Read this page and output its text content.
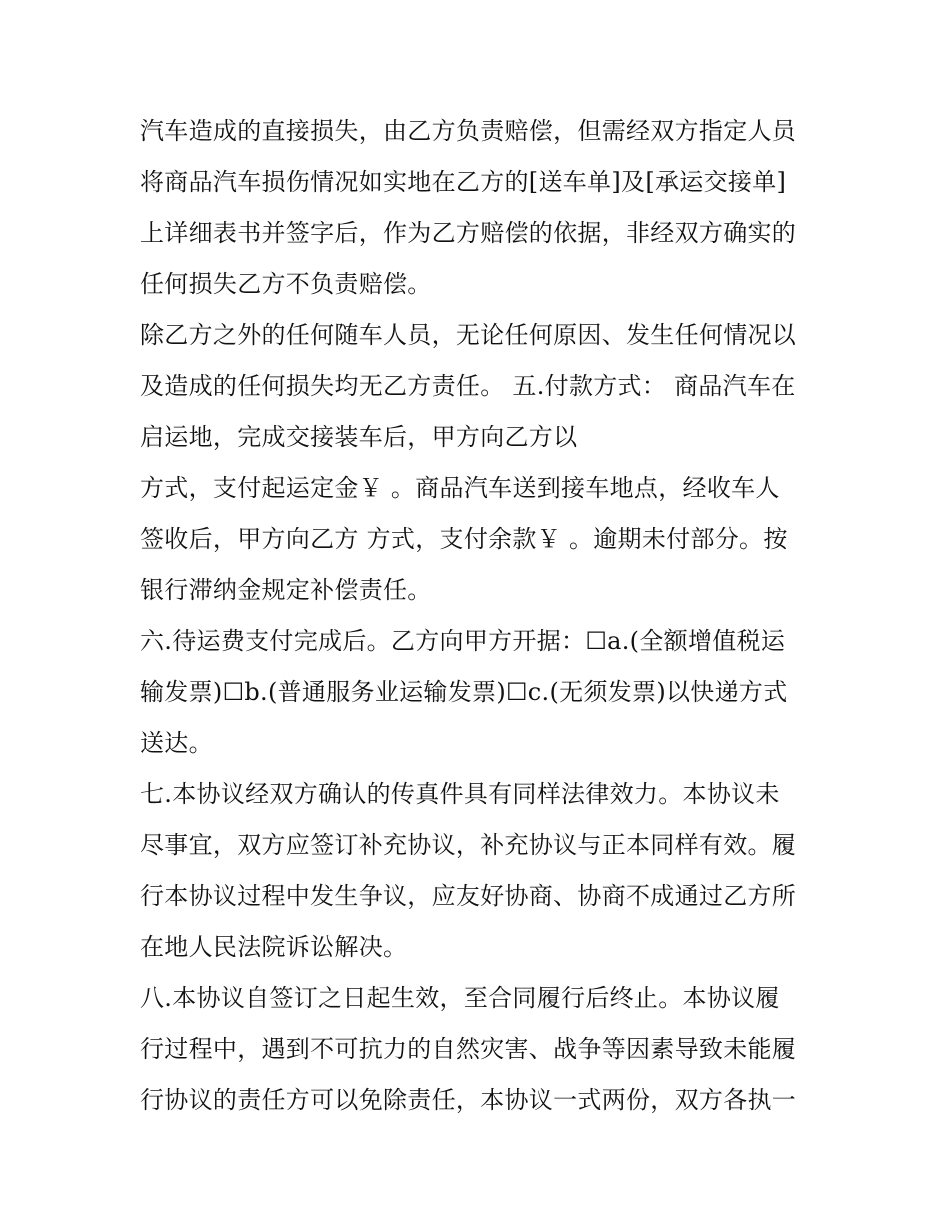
汽车造成的直接损失，由乙方负责赔偿，但需经双方指定人员
将商品汽车损伤情况如实地在乙方的[送车单]及[承运交接单]
上详细表书并签字后，作为乙方赔偿的依据，非经双方确实的
任何损失乙方不负责赔偿。
除乙方之外的任何随车人员，无论任何原因、发生任何情况以
及造成的任何损失均无乙方责任。 五.付款方式： 商品汽车在
启运地，完成交接装车后，甲方向乙方以
方式，支付起运定金￥ 。商品汽车送到接车地点，经收车人
签收后，甲方向乙方 方式，支付余款￥ 。逾期未付部分。按
银行滞纳金规定补偿责任。
六.待运费支付完成后。乙方向甲方开据：☐a.(全额增值税运
输发票)☐b.(普通服务业运输发票)☐c.(无须发票)以快递方式
送达。
七.本协议经双方确认的传真件具有同样法律效力。本协议未
尽事宜，双方应签订补充协议，补充协议与正本同样有效。履
行本协议过程中发生争议，应友好协商、协商不成通过乙方所
在地人民法院诉讼解决。
八.本协议自签订之日起生效，至合同履行后终止。本协议履
行过程中，遇到不可抗力的自然灾害、战争等因素导致未能履
行协议的责任方可以免除责任，本协议一式两份，双方各执一
